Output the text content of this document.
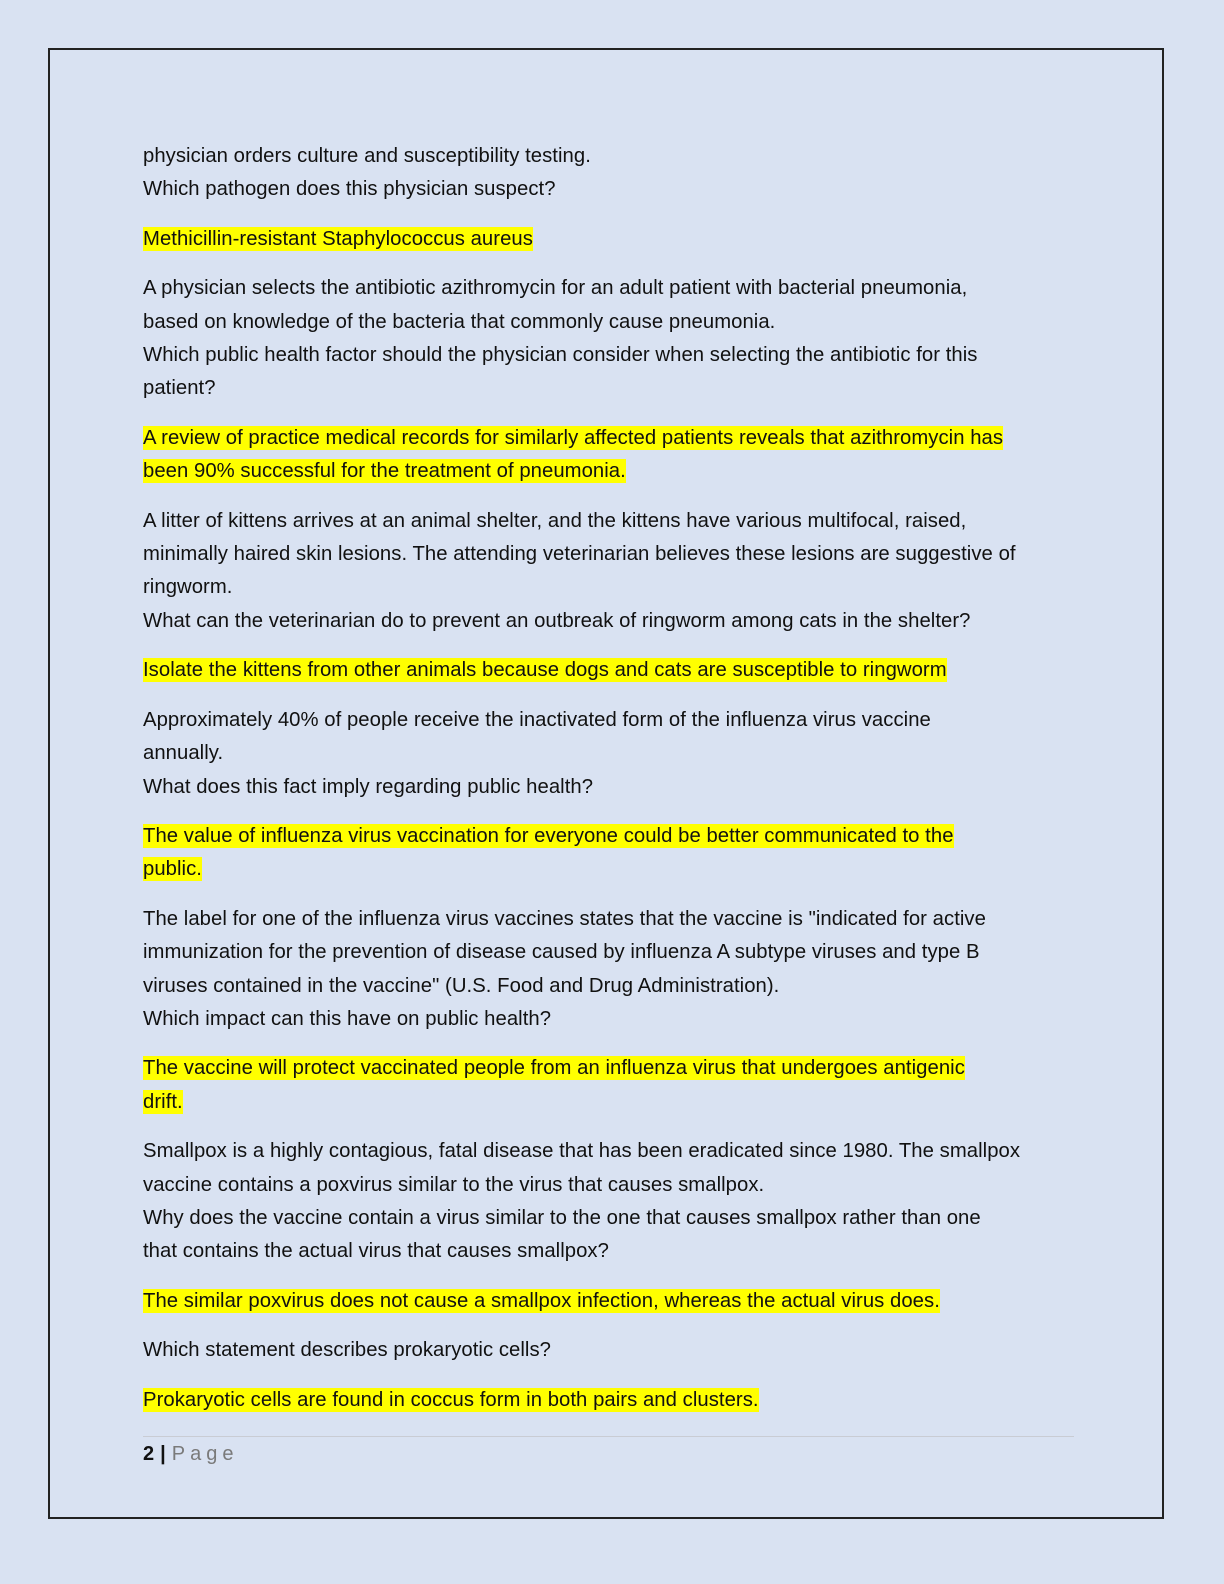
physician orders culture and susceptibility testing.
Which pathogen does this physician suspect?
Methicillin-resistant Staphylococcus aureus
A physician selects the antibiotic azithromycin for an adult patient with bacterial pneumonia,
based on knowledge of the bacteria that commonly cause pneumonia.
Which public health factor should the physician consider when selecting the antibiotic for this
patient?
A review of practice medical records for similarly affected patients reveals that azithromycin has
been 90% successful for the treatment of pneumonia.
A litter of kittens arrives at an animal shelter, and the kittens have various multifocal, raised,
minimally haired skin lesions. The attending veterinarian believes these lesions are suggestive of
ringworm.
What can the veterinarian do to prevent an outbreak of ringworm among cats in the shelter?
Isolate the kittens from other animals because dogs and cats are susceptible to ringworm
Approximately 40% of people receive the inactivated form of the influenza virus vaccine
annually.
What does this fact imply regarding public health?
The value of influenza virus vaccination for everyone could be better communicated to the
public.
The label for one of the influenza virus vaccines states that the vaccine is "indicated for active
immunization for the prevention of disease caused by influenza A subtype viruses and type B
viruses contained in the vaccine" (U.S. Food and Drug Administration).
Which impact can this have on public health?
The vaccine will protect vaccinated people from an influenza virus that undergoes antigenic
drift.
Smallpox is a highly contagious, fatal disease that has been eradicated since 1980. The smallpox
vaccine contains a poxvirus similar to the virus that causes smallpox.
Why does the vaccine contain a virus similar to the one that causes smallpox rather than one
that contains the actual virus that causes smallpox?
The similar poxvirus does not cause a smallpox infection, whereas the actual virus does.
Which statement describes prokaryotic cells?
Prokaryotic cells are found in coccus form in both pairs and clusters.
2 | Page
